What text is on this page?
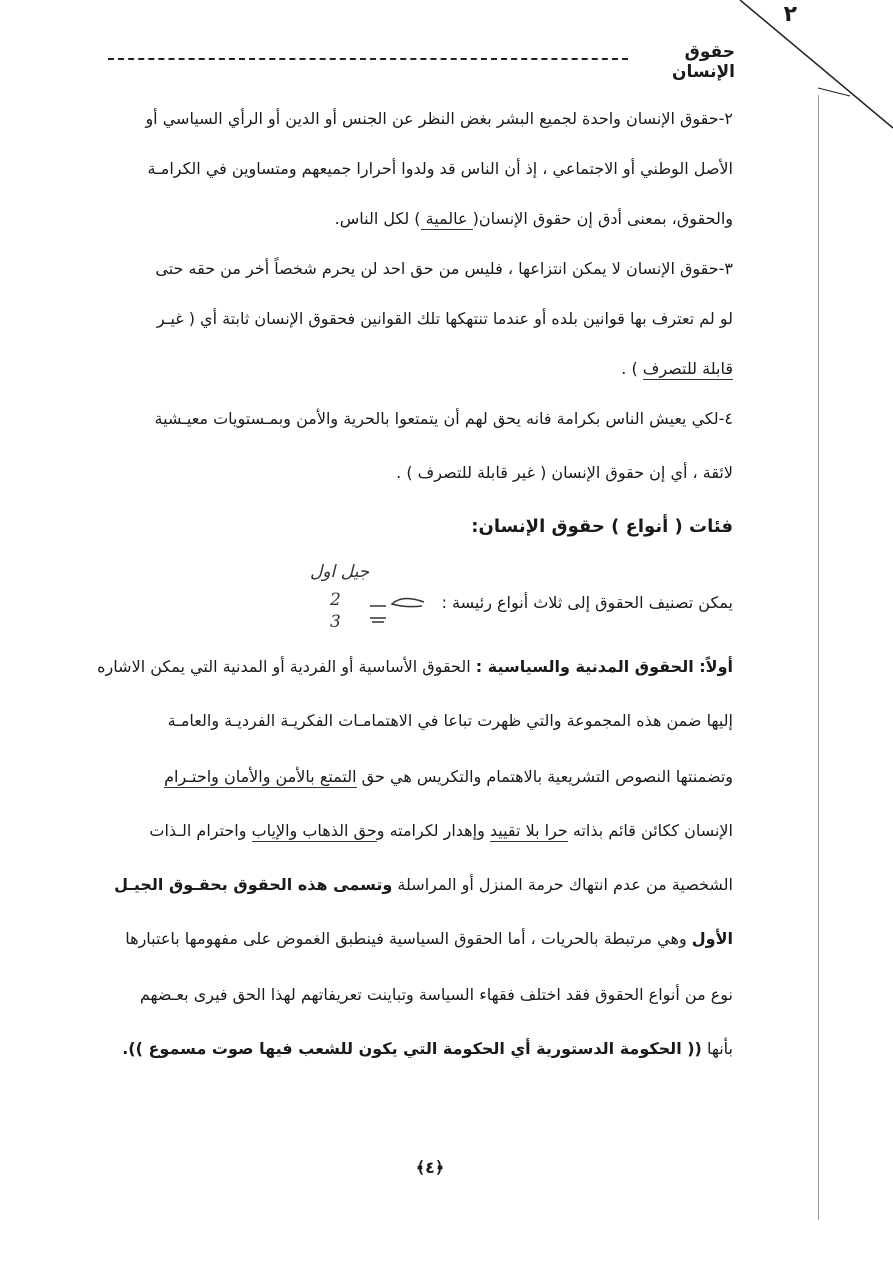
٢
حقوق الإنسان
٢-حقوق الإنسان واحدة لجميع البشر بغض النظر عن الجنس أو الدين أو الرأي السياسي أو
الأصل الوطني أو الاجتماعي ، إذ أن الناس قد ولدوا أحرارا جميعهم ومتساوين في الكرامـة
والحقوق، بمعنى أدق إن حقوق الإنسان( عالمية ) لكل الناس.
٣-حقوق الإنسان لا يمكن انتزاعها ، فليس من حق احد لن يحرم شخصاً أخر من حقه حتى
لو لم تعترف بها قوانين بلده أو عندما تنتهكها تلك القوانين فحقوق الإنسان ثابتة أي ( غيـر
قابلة للتصرف ) .
٤-لكي يعيش الناس بكرامة فانه يحق لهم أن يتمتعوا بالحرية والأمن وبمـستويات معيـشية
لائقة ، أي إن حقوق الإنسان ( غير قابلة للتصرف ) .
فئات ( أنواع ) حقوق الإنسان:
جيل اول
2
3
يمكن تصنيف الحقوق إلى ثلاث أنواع رئيسة :
أولاً: الحقوق المدنية والسياسية : الحقوق الأساسية أو الفردية أو المدنية التي يمكن الاشاره
إليها ضمن هذه المجموعة والتي ظهرت تباعا في الاهتمامـات الفكريـة الفرديـة والعامـة
وتضمنتها النصوص التشريعية بالاهتمام والتكريس هي حق التمتع بالأمن والأمان واحتـرام
الإنسان ككائن قائم بذاته حرا بلا تقييد وإهدار لكرامته وحق الذهاب والإياب واحترام الـذات
الشخصية من عدم انتهاك حرمة المنزل أو المراسلة وتسمى هذه الحقوق بحقـوق الجيـل
الأول وهي مرتبطة بالحريات ، أما الحقوق السياسية فينطبق الغموض على مفهومها باعتبارها
نوع من أنواع الحقوق فقد اختلف فقهاء السياسة وتباينت تعريفاتهم لهذا الحق فيرى بعـضهم
بأنها (( الحكومة الدستورية أي الحكومة التي يكون للشعب فيها صوت مسموع )).
﴾٤﴿
